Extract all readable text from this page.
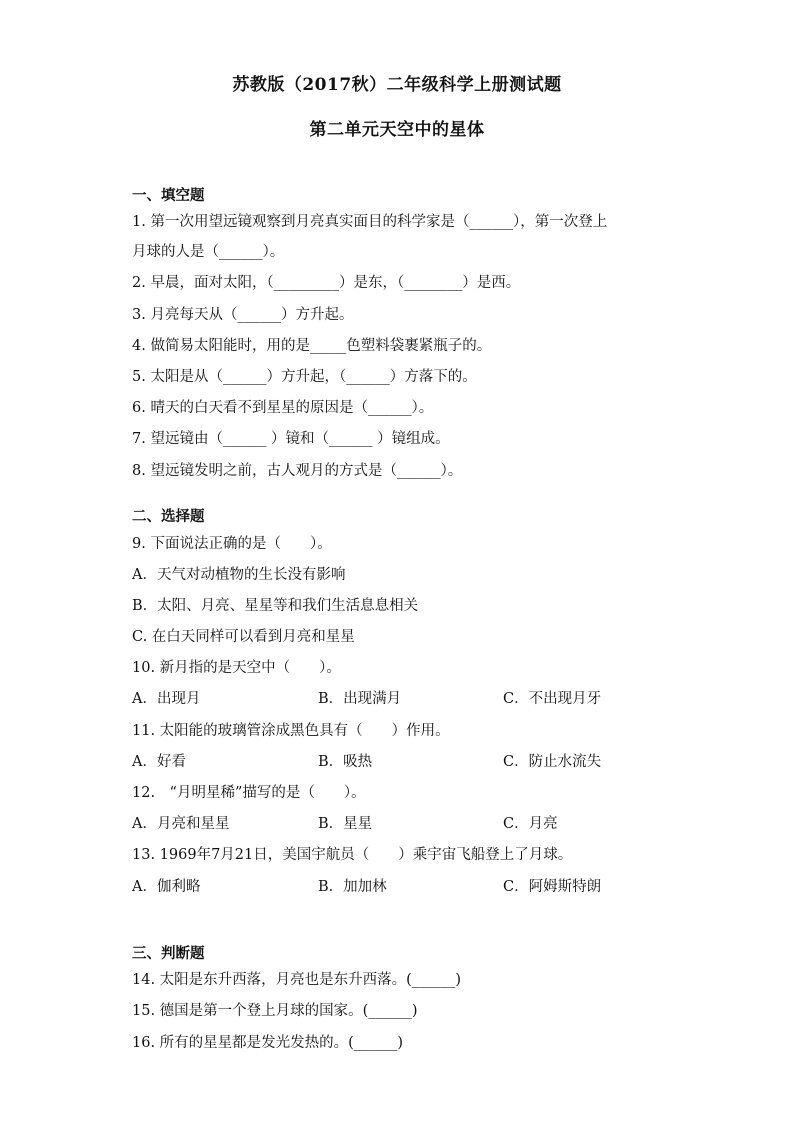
苏教版（2017秋）二年级科学上册测试题
第二单元天空中的星体
一、填空题
1. 第一次用望远镜观察到月亮真实面目的科学家是（______），第一次登上
月球的人是（______）。
2. 早晨，面对太阳，（_________）是东，（________）是西。
3. 月亮每天从（______）方升起。
4. 做简易太阳能时，用的是_____色塑料袋裹紧瓶子的。
5. 太阳是从（______）方升起，（______）方落下的。
6. 晴天的白天看不到星星的原因是（______）。
7. 望远镜由（______ ）镜和（______ ）镜组成。
8. 望远镜发明之前，古人观月的方式是（______）。
二、选择题
9. 下面说法正确的是（　　）。
A．天气对动植物的生长没有影响
B．太阳、月亮、星星等和我们生活息息相关
C. 在白天同样可以看到月亮和星星
10. 新月指的是天空中（　　）。
A．出现月	B．出现满月	C．不出现月牙
11. 太阳能的玻璃管涂成黑色具有（　　）作用。
A．好看	B．吸热	C．防止水流失
12.　“月明星稀”描写的是（　　）。
A．月亮和星星	B．星星	C．月亮
13. 1969年7月21日，美国宇航员（　　）乘宇宙飞船登上了月球。
A．伽利略	B．加加林	C．阿姆斯特朗
三、判断题
14. 太阳是东升西落，月亮也是东升西落。(______)
15. 德国是第一个登上月球的国家。(______)
16. 所有的星星都是发光发热的。(______)
